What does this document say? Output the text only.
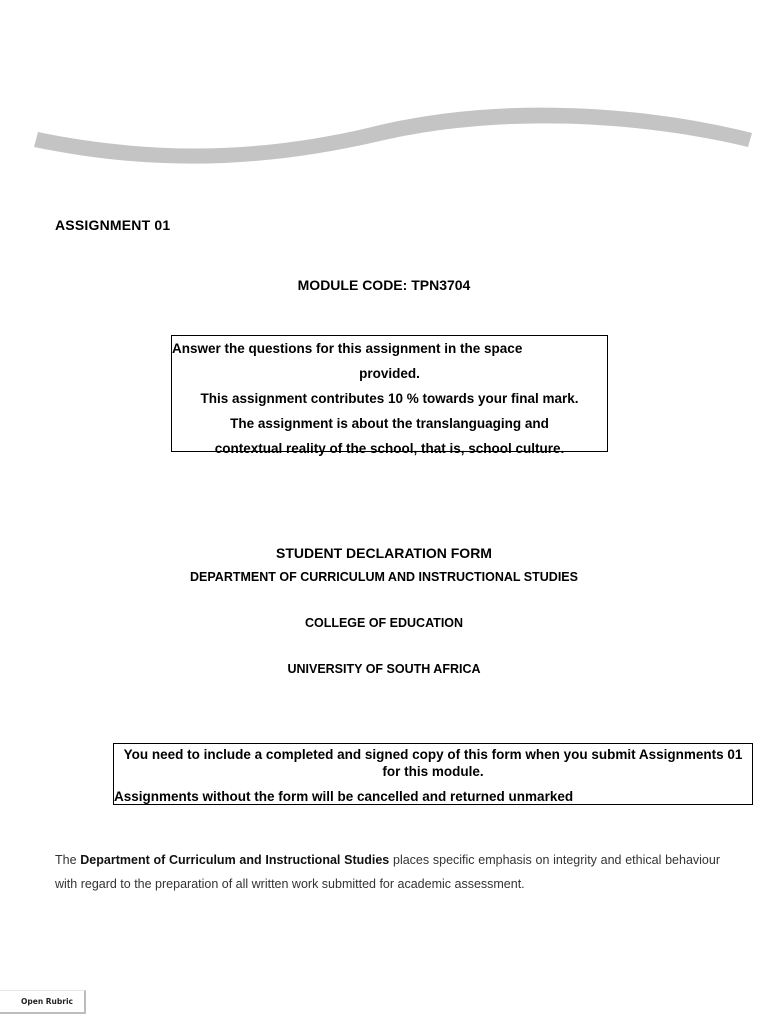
ASSIGNMENT 01
MODULE CODE: TPN3704
Answer the questions for this assignment in the space
provided.
This assignment contributes 10 % towards your final mark.
The assignment is about the translanguaging and
contextual reality of the school, that is, school culture.
STUDENT DECLARATION FORM
DEPARTMENT OF CURRICULUM AND INSTRUCTIONAL STUDIES
COLLEGE OF EDUCATION
UNIVERSITY OF SOUTH AFRICA
You need to include a completed and signed copy of this form when you submit Assignments 01 for this module.
Assignments without the form will be cancelled and returned unmarked
The Department of Curriculum and Instructional Studies places specific emphasis on integrity and ethical behaviour with regard to the preparation of all written work submitted for academic assessment.
Open Rubric
